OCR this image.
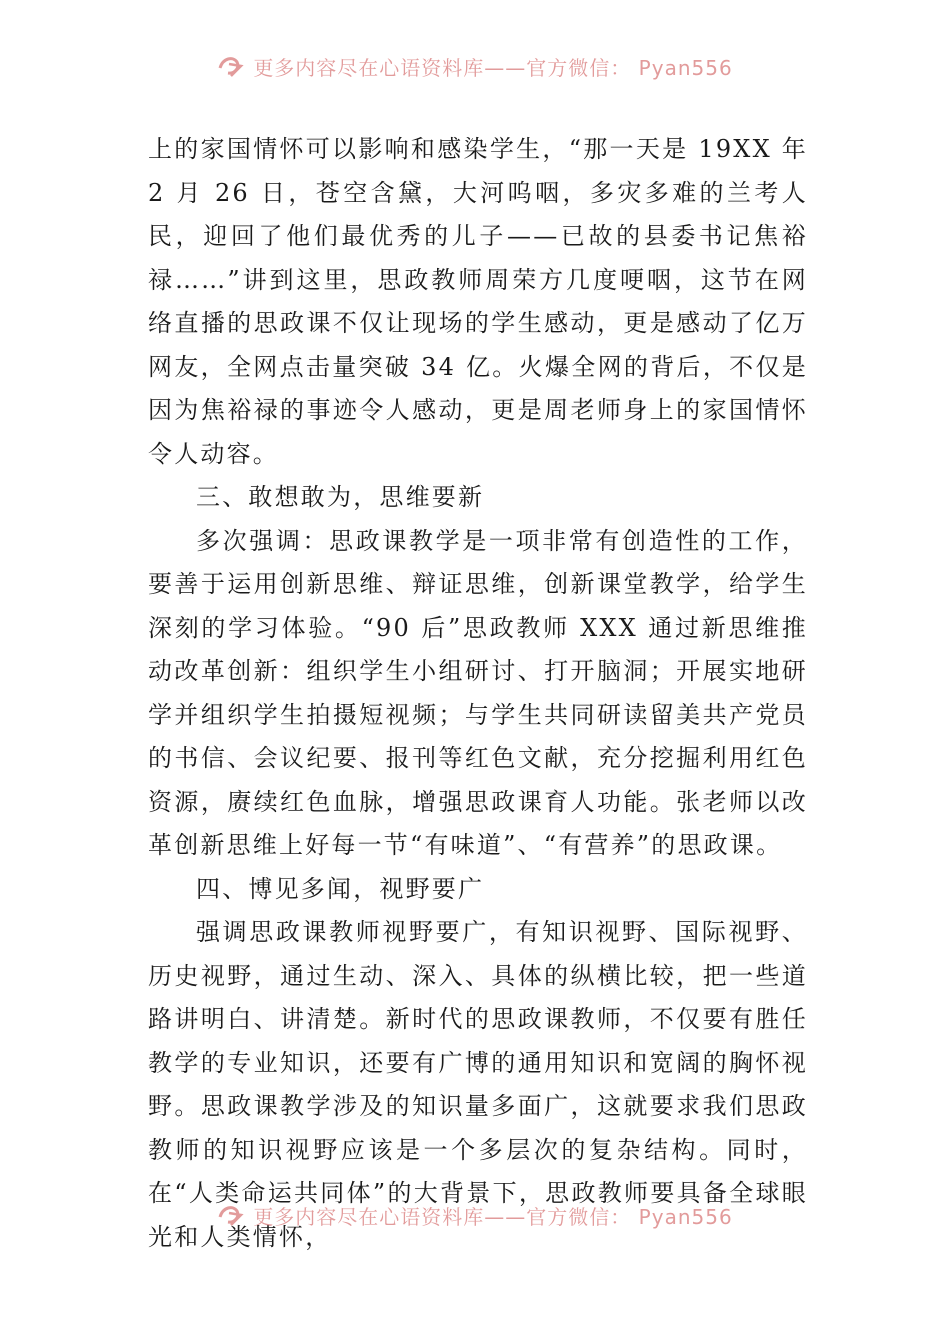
更多内容尽在心语资料库——官方微信： Pyan556

上的家国情怀可以影响和感染学生，“那一天是 19XX 年 2 月 26 日，苍空含黛，大河呜咽，多灾多难的兰考人民，迎回了他们最优秀的儿子——已故的县委书记焦裕禄……”讲到这里，思政教师周荣方几度哽咽，这节在网络直播的思政课不仅让现场的学生感动，更是感动了亿万网友，全网点击量突破 34 亿。火爆全网的背后，不仅是因为焦裕禄的事迹令人感动，更是周老师身上的家国情怀令人动容。

三、敢想敢为，思维要新

多次强调：思政课教学是一项非常有创造性的工作，要善于运用创新思维、辩证思维，创新课堂教学，给学生深刻的学习体验。“90 后”思政教师 XXX 通过新思维推动改革创新：组织学生小组研讨、打开脑洞；开展实地研学并组织学生拍摄短视频；与学生共同研读留美共产党员的书信、会议纪要、报刊等红色文献，充分挖掘利用红色资源，赓续红色血脉，增强思政课育人功能。张老师以改革创新思维上好每一节“有味道”、“有营养”的思政课。

四、博见多闻，视野要广

强调思政课教师视野要广，有知识视野、国际视野、历史视野，通过生动、深入、具体的纵横比较，把一些道路讲明白、讲清楚。新时代的思政课教师，不仅要有胜任教学的专业知识，还要有广博的通用知识和宽阔的胸怀视野。思政课教学涉及的知识量多面广，这就要求我们思政教师的知识视野应该是一个多层次的复杂结构。同时，在“人类命运共同体”的大背景下，思政教师要具备全球眼光和人类情怀，

更多内容尽在心语资料库——官方微信： Pyan556
